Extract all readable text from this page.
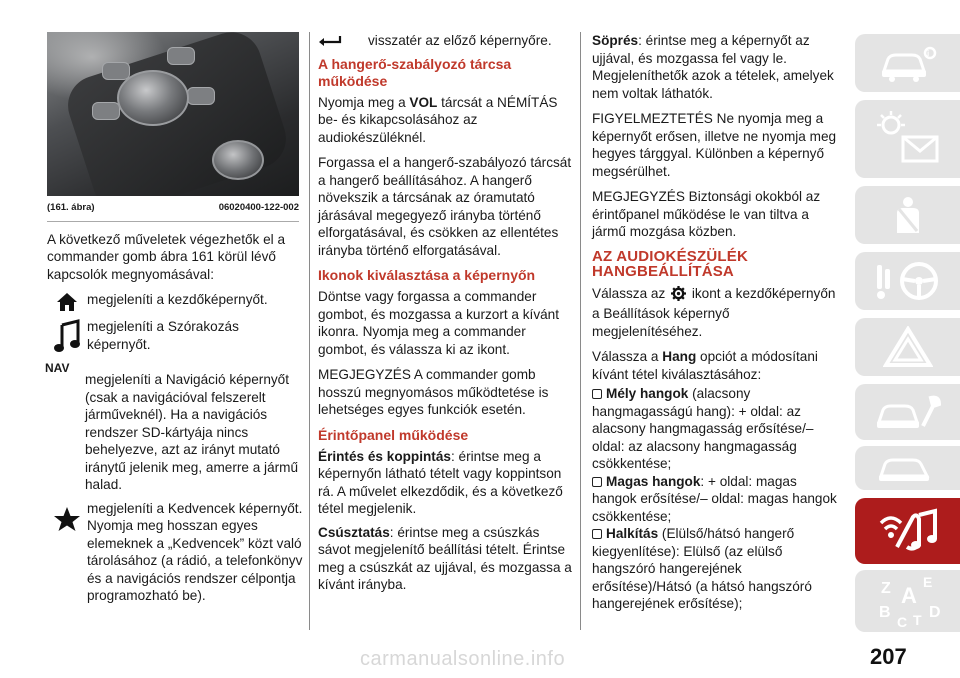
(161. ábra)	06020400-122-002

A következő műveletek végezhetők el a commander gomb ábra 161 körül lévő kapcsolók megnyomásával:

megjeleníti a kezdőképernyőt.
megjeleníti a Szórakozás képernyőt.
NAV
megjeleníti a Navigáció képernyőt (csak a navigációval felszerelt járműveknél). Ha a navigációs rendszer SD-kártyája nincs behelyezve, azt az irányt mutató iránytű jelenik meg, amerre a jármű halad.
megjeleníti a Kedvencek képernyőt. Nyomja meg hosszan egyes elemeknek a „Kedvencek” közt való tárolásához (a rádió, a telefonkönyv és a navigációs rendszer célpontja programozható be).
visszatér az előző képernyőre.
A hangerő-szabályozó tárcsa működése

Nyomja meg a VOL tárcsát a NÉMÍTÁS be- és kikapcsolásához az audiokészüléknél.

Forgassa el a hangerő-szabályozó tárcsát a hangerő beállításához. A hangerő növekszik a tárcsának az óramutató járásával megegyező irányba történő elforgatásával, és csökken az ellentétes irányba történő elforgatásával.

Ikonok kiválasztása a képernyőn

Döntse vagy forgassa a commander gombot, és mozgassa a kurzort a kívánt ikonra. Nyomja meg a commander gombot, és válassza ki az ikont.

MEGJEGYZÉS A commander gomb hosszú megnyomásos működtetése is lehetséges egyes funkciók esetén.

Érintőpanel működése

Érintés és koppintás: érintse meg a képernyőn látható tételt vagy koppintson rá. A művelet elkezdődik, és a következő tétel megjelenik.

Csúsztatás: érintse meg a csúszkás sávot megjelenítő beállítási tételt. Érintse meg a csúszkát az ujjával, és mozgassa a kívánt irányba.

Söprés: érintse meg a képernyőt az ujjával, és mozgassa fel vagy le. Megjeleníthetők azok a tételek, amelyek nem voltak láthatók.

FIGYELMEZTETÉS Ne nyomja meg a képernyőt erősen, illetve ne nyomja meg hegyes tárggyal. Különben a képernyő megsérülhet.

MEGJEGYZÉS Biztonsági okokból az érintőpanel működése le van tiltva a jármű mozgása közben.

AZ AUDIOKÉSZÜLÉK HANGBEÁLLÍTÁSA

Válassza az  ikont a kezdőképernyőn a Beállítások képernyő megjelenítéséhez.

Válassza a Hang opciót a módosítani kívánt tétel kiválasztásához:

Mély hangok (alacsony hangmagasságú hang): + oldal: az alacsony hangmagasság erősítése/– oldal: az alacsony hangmagasság csökkentése;
Magas hangok: + oldal: magas hangok erősítése/– oldal: magas hangok csökkentése;
Halkítás (Elülső/hátsó hangerő kiegyenlítése): Elülső (az elülső hangszóró hangerejének erősítése)/Hátsó (a hátsó hangszóró hangerejének erősítése);
i
Z E
A
B
C T D
carmanualsonline.info	207
